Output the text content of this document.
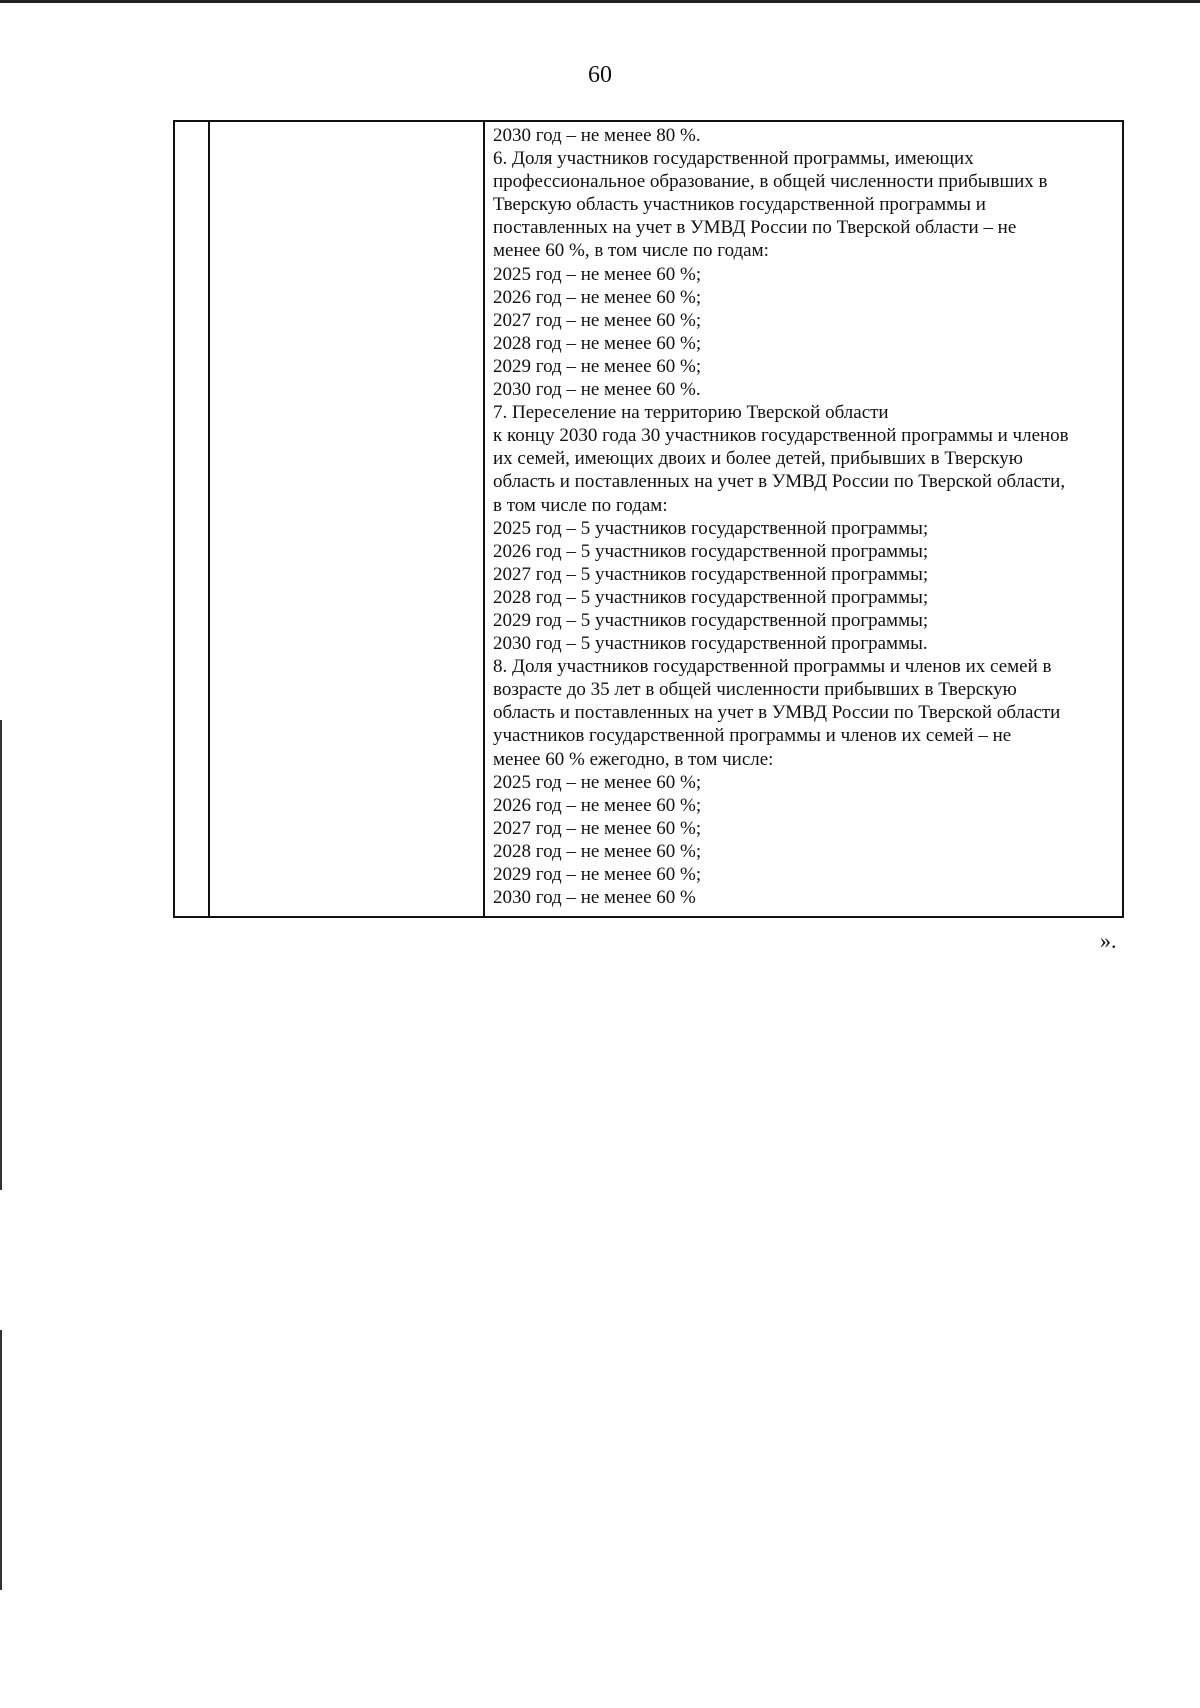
60
2030 год – не менее 80 %.
6. Доля участников государственной программы, имеющих
профессиональное образование, в общей численности прибывших в
Тверскую область участников государственной программы и
поставленных на учет в УМВД России по Тверской области – не
менее 60 %, в том числе по годам:
2025 год – не менее 60 %;
2026 год – не менее 60 %;
2027 год – не менее 60 %;
2028 год – не менее 60 %;
2029 год – не менее 60 %;
2030 год – не менее 60 %.
7. Переселение на территорию Тверской области
к концу 2030 года 30 участников государственной программы и членов
их семей, имеющих двоих и более детей, прибывших в Тверскую
область и поставленных на учет в УМВД России по Тверской области,
в том числе по годам:
2025 год – 5 участников государственной программы;
2026 год – 5 участников государственной программы;
2027 год – 5 участников государственной программы;
2028 год – 5 участников государственной программы;
2029 год – 5 участников государственной программы;
2030 год – 5 участников государственной программы.
8. Доля участников государственной программы и членов их семей в
возрасте до 35 лет в общей численности прибывших в Тверскую
область и поставленных на учет в УМВД России по Тверской области
участников государственной программы и членов их семей – не
менее 60 % ежегодно, в том числе:
2025 год – не менее 60 %;
2026 год – не менее 60 %;
2027 год – не менее 60 %;
2028 год – не менее 60 %;
2029 год – не менее 60 %;
2030 год – не менее 60 %
».
